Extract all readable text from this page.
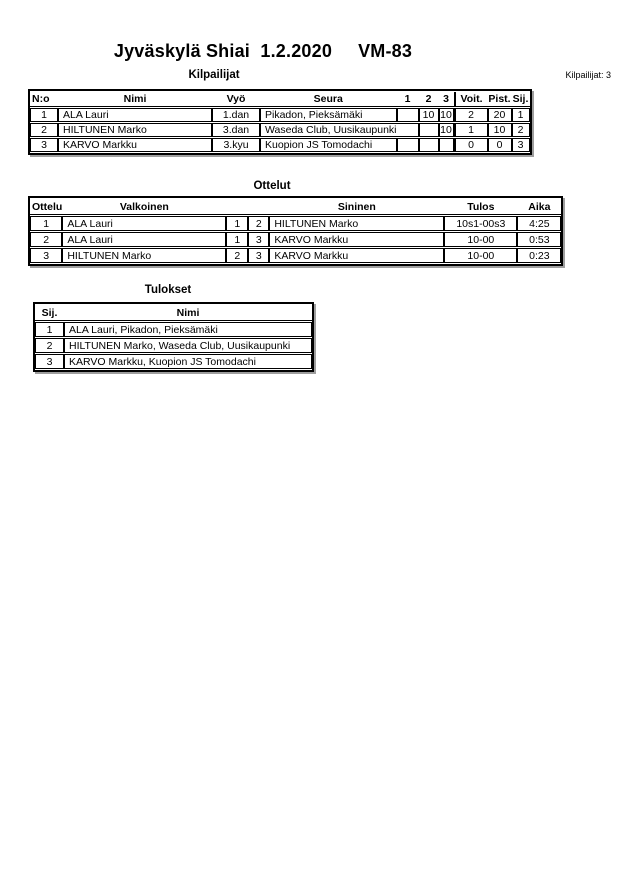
Jyväskylä Shiai  1.2.2020     VM-83
Kilpailijat: 3
Kilpailijat
N:o	Nimi	Vyö	Seura	1	2	3	Voit.	Pist.	Sij.
1	ALA Lauri	1.dan	Pikadon, Pieksämäki		10	10	2	20	1
2	HILTUNEN Marko	3.dan	Waseda Club, Uusikaupunki			10	1	10	2
3	KARVO Markku	3.kyu	Kuopion JS Tomodachi				0	0	3
Ottelut
Ottelu	Valkoinen			Sininen	Tulos	Aika
1	ALA Lauri	1	2	HILTUNEN Marko	10s1-00s3	4:25
2	ALA Lauri	1	3	KARVO Markku	10-00	0:53
3	HILTUNEN Marko	2	3	KARVO Markku	10-00	0:23
Tulokset
Sij.	Nimi
1	ALA Lauri, Pikadon, Pieksämäki
2	HILTUNEN Marko, Waseda Club, Uusikaupunki
3	KARVO Markku, Kuopion JS Tomodachi
